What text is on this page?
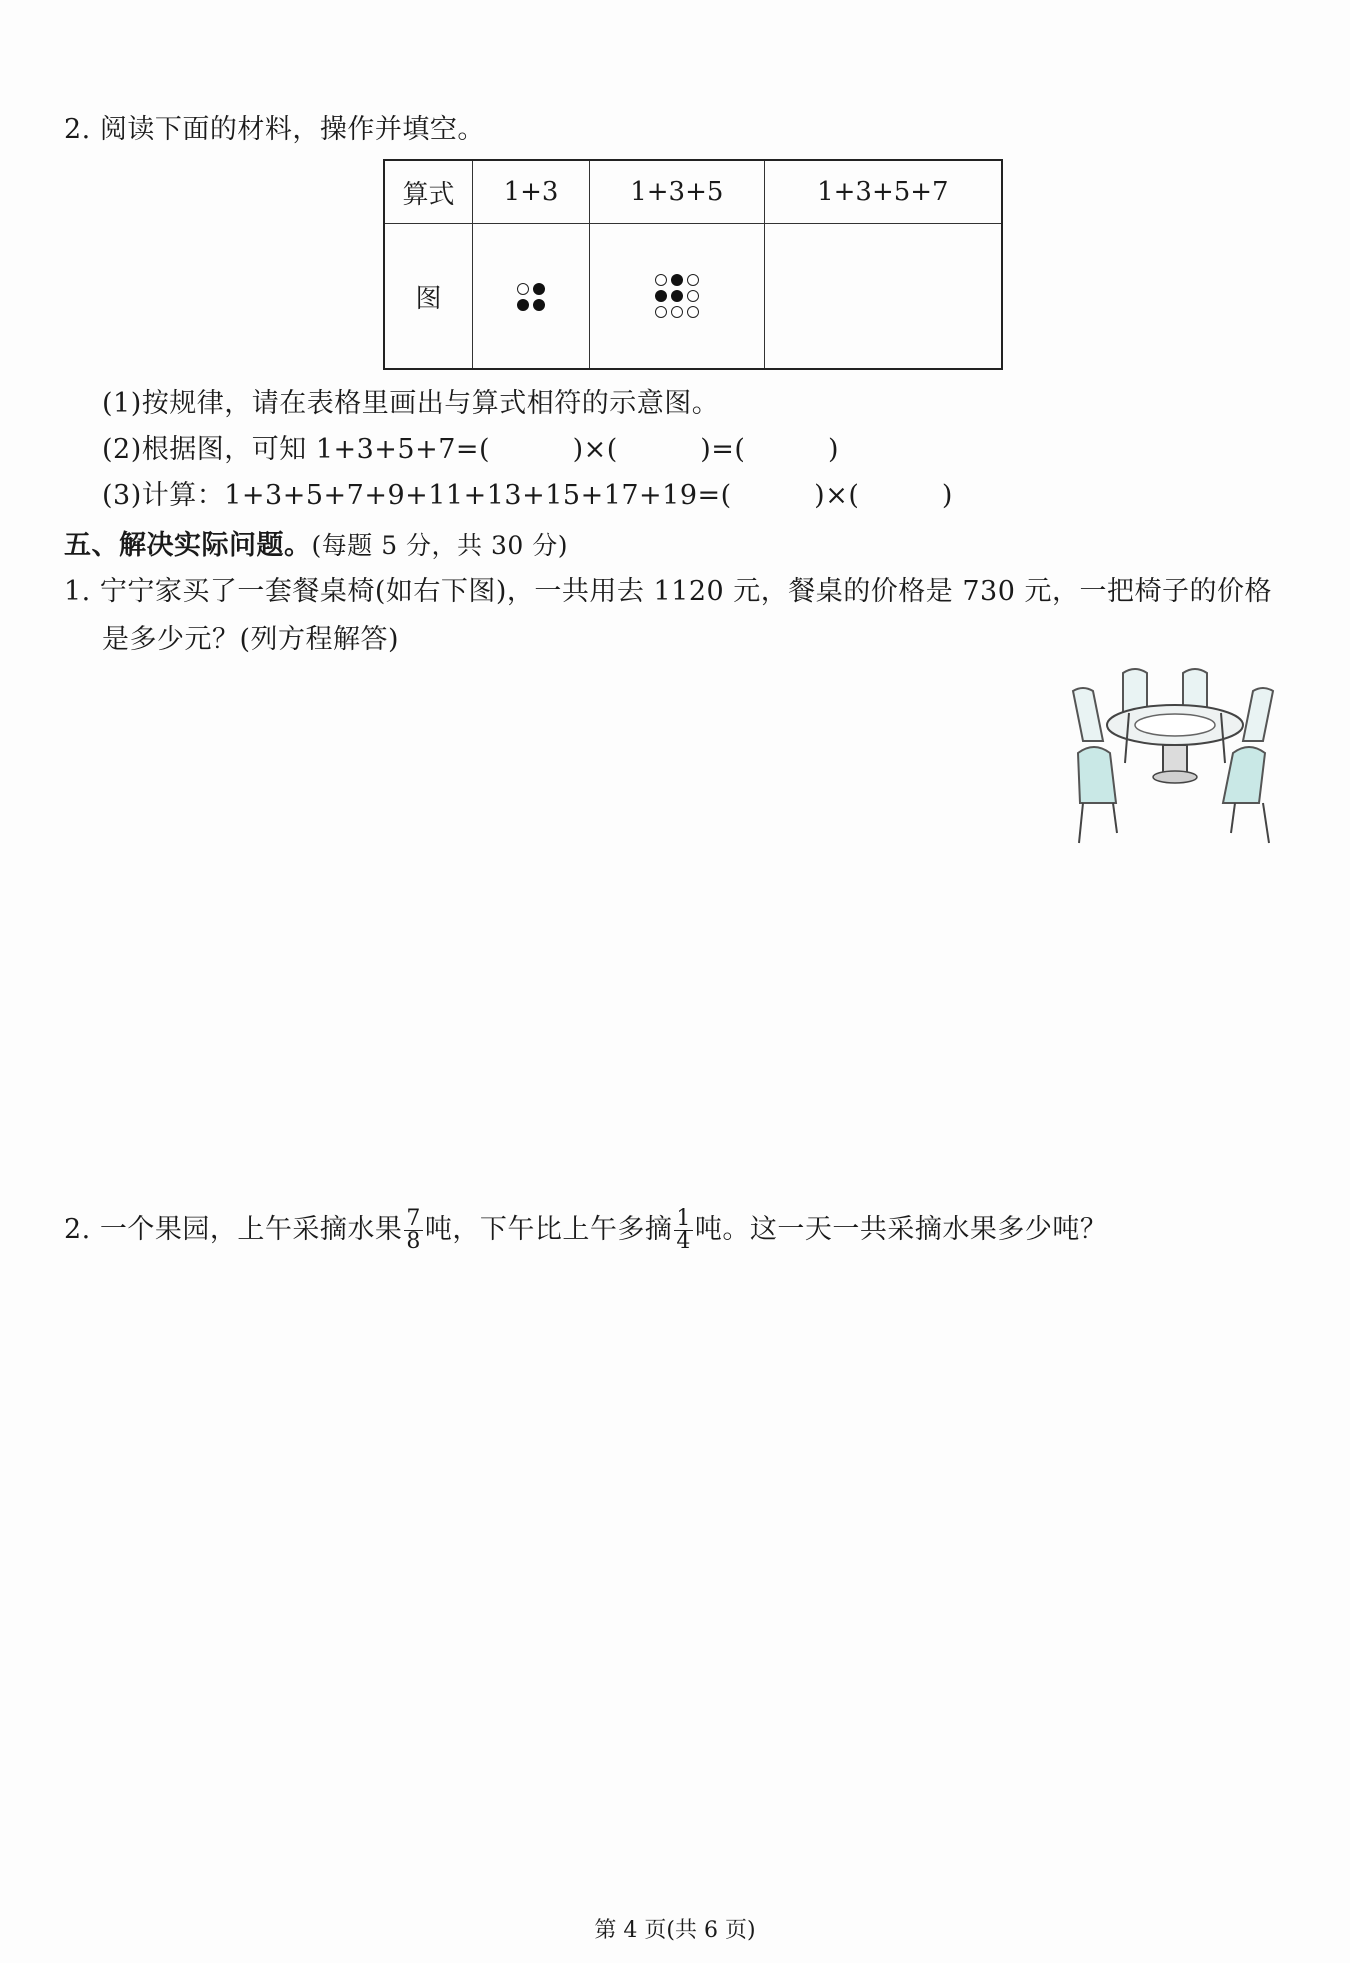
2. 阅读下面的材料，操作并填空。
算式	1+3	1+3+5	1+3+5+7
图	

(1)按规律，请在表格里画出与算式相符的示意图。
(2)根据图，可知 1+3+5+7=(　　　)×(　　　)=(　　　)
(3)计算：1+3+5+7+9+11+13+15+17+19=(　　　)×(　　　)
五、解决实际问题。(每题 5 分，共 30 分)
1. 宁宁家买了一套餐桌椅(如右下图)，一共用去 1120 元，餐桌的价格是 730 元，一把椅子的价格
是多少元？(列方程解答)
2. 一个果园，上午采摘水果 $\frac{7}{8}$ 吨，下午比上午多摘 $\frac{1}{4}$ 吨。这一天一共采摘水果多少吨？
第 4 页(共 6 页)
